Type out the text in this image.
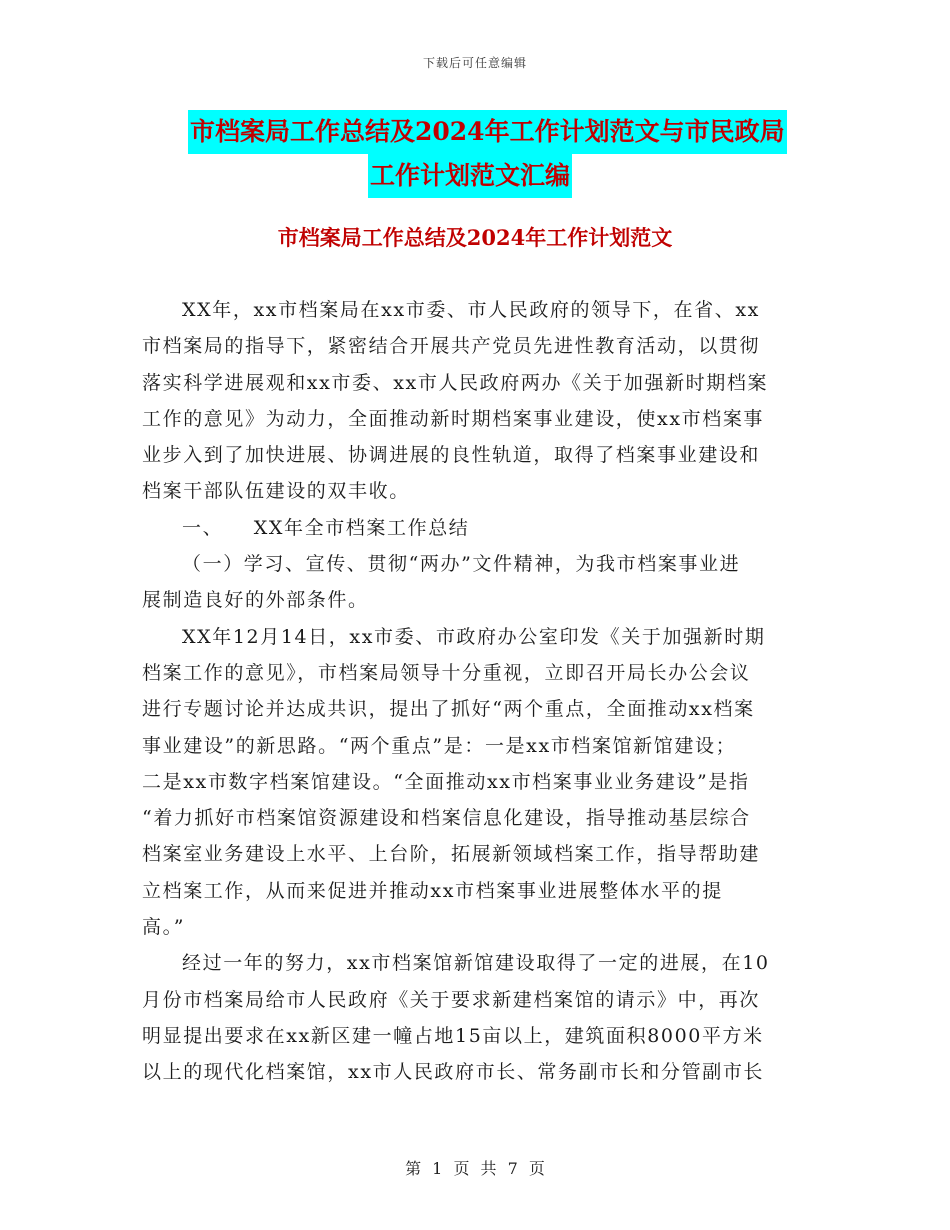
下载后可任意编辑
市档案局工作总结及2024年工作计划范文与市民政局
工作计划范文汇编
市档案局工作总结及2024年工作计划范文
XX年，xx市档案局在xx市委、市人民政府的领导下，在省、xx
市档案局的指导下，紧密结合开展共产党员先进性教育活动，以贯彻
落实科学进展观和xx市委、xx市人民政府两办《关于加强新时期档案
工作的意见》为动力，全面推动新时期档案事业建设，使xx市档案事
业步入到了加快进展、协调进展的良性轨道，取得了档案事业建设和
档案干部队伍建设的双丰收。
一、    XX年全市档案工作总结
（一）学习、宣传、贯彻“两办”文件精神，为我市档案事业进
展制造良好的外部条件。
XX年12月14日，xx市委、市政府办公室印发《关于加强新时期
档案工作的意见》，市档案局领导十分重视，立即召开局长办公会议
进行专题讨论并达成共识，提出了抓好“两个重点，全面推动xx档案
事业建设”的新思路。“两个重点”是：一是xx市档案馆新馆建设；
二是xx市数字档案馆建设。“全面推动xx市档案事业业务建设”是指
“着力抓好市档案馆资源建设和档案信息化建设，指导推动基层综合
档案室业务建设上水平、上台阶，拓展新领域档案工作，指导帮助建
立档案工作，从而来促进并推动xx市档案事业进展整体水平的提
高。”
经过一年的努力，xx市档案馆新馆建设取得了一定的进展，在10
月份市档案局给市人民政府《关于要求新建档案馆的请示》中，再次
明显提出要求在xx新区建一幢占地15亩以上，建筑面积8000平方米
以上的现代化档案馆，xx市人民政府市长、常务副市长和分管副市长
第 1 页 共 7 页
